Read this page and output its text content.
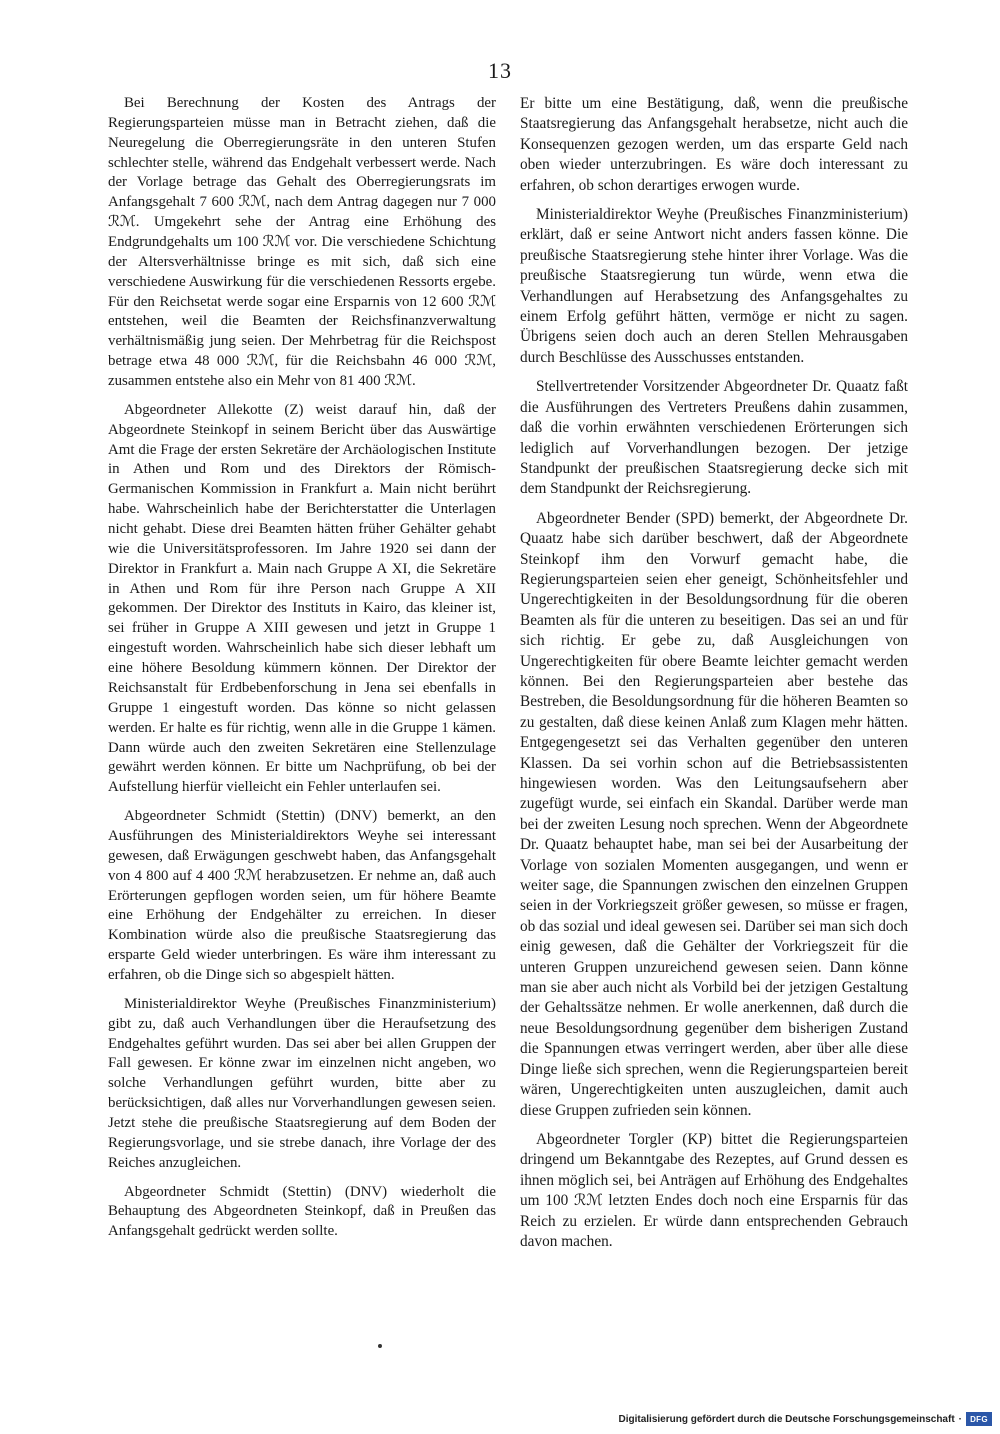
13

Bei Berechnung der Kosten des Antrags der Regierungsparteien müsse man in Betracht ziehen, daß die Neuregelung die Oberregierungsräte in den unteren Stufen schlechter stelle, während das Endgehalt verbessert werde. Nach der Vorlage betrage das Gehalt des Oberregierungsrats im Anfangsgehalt 7 600 ℛℳ, nach dem Antrag dagegen nur 7 000 ℛℳ. Umgekehrt sehe der Antrag eine Erhöhung des Endgrundgehalts um 100 ℛℳ vor. Die verschiedene Schichtung der Altersverhältnisse bringe es mit sich, daß sich eine verschiedene Auswirkung für die verschiedenen Ressorts ergebe. Für den Reichsetat werde sogar eine Ersparnis von 12 600 ℛℳ entstehen, weil die Beamten der Reichsfinanzverwaltung verhältnismäßig jung seien. Der Mehrbetrag für die Reichspost betrage etwa 48 000 ℛℳ, für die Reichsbahn 46 000 ℛℳ, zusammen entstehe also ein Mehr von 81 400 ℛℳ.

Abgeordneter Allekotte (Z) weist darauf hin, daß der Abgeordnete Steinkopf in seinem Bericht über das Auswärtige Amt die Frage der ersten Sekretäre der Archäologischen Institute in Athen und Rom und des Direktors der Römisch-Germanischen Kommission in Frankfurt a. Main nicht berührt habe. Wahrscheinlich habe der Berichterstatter die Unterlagen nicht gehabt. Diese drei Beamten hätten früher Gehälter gehabt wie die Universitätsprofessoren. Im Jahre 1920 sei dann der Direktor in Frankfurt a. Main nach Gruppe A XI, die Sekretäre in Athen und Rom für ihre Person nach Gruppe A XII gekommen. Der Direktor des Instituts in Kairo, das kleiner ist, sei früher in Gruppe A XIII gewesen und jetzt in Gruppe 1 eingestuft worden. Wahrscheinlich habe sich dieser lebhaft um eine höhere Besoldung kümmern können. Der Direktor der Reichsanstalt für Erdbebenforschung in Jena sei ebenfalls in Gruppe 1 eingestuft worden. Das könne so nicht gelassen werden. Er halte es für richtig, wenn alle in die Gruppe 1 kämen. Dann würde auch den zweiten Sekretären eine Stellenzulage gewährt werden können. Er bitte um Nachprüfung, ob bei der Aufstellung hierfür vielleicht ein Fehler unterlaufen sei.

Abgeordneter Schmidt (Stettin) (DNV) bemerkt, an den Ausführungen des Ministerialdirektors Weyhe sei interessant gewesen, daß Erwägungen geschwebt haben, das Anfangsgehalt von 4 800 auf 4 400 ℛℳ herabzusetzen. Er nehme an, daß auch Erörterungen gepflogen worden seien, um für höhere Beamte eine Erhöhung der Endgehälter zu erreichen. In dieser Kombination würde also die preußische Staatsregierung das ersparte Geld wieder unterbringen. Es wäre ihm interessant zu erfahren, ob die Dinge sich so abgespielt hätten.

Ministerialdirektor Weyhe (Preußisches Finanzministerium) gibt zu, daß auch Verhandlungen über die Heraufsetzung des Endgehaltes geführt wurden. Das sei aber bei allen Gruppen der Fall gewesen. Er könne zwar im einzelnen nicht angeben, wo solche Verhandlungen geführt wurden, bitte aber zu berücksichtigen, daß alles nur Vorverhandlungen gewesen seien. Jetzt stehe die preußische Staatsregierung auf dem Boden der Regierungsvorlage, und sie strebe danach, ihre Vorlage der des Reiches anzugleichen.

Abgeordneter Schmidt (Stettin) (DNV) wiederholt die Behauptung des Abgeordneten Steinkopf, daß in Preußen das Anfangsgehalt gedrückt werden sollte.

Er bitte um eine Bestätigung, daß, wenn die preußische Staatsregierung das Anfangsgehalt herabsetze, nicht auch die Konsequenzen gezogen werden, um das ersparte Geld nach oben wieder unterzubringen. Es wäre doch interessant zu erfahren, ob schon derartiges erwogen wurde.

Ministerialdirektor Weyhe (Preußisches Finanzministerium) erklärt, daß er seine Antwort nicht anders fassen könne. Die preußische Staatsregierung stehe hinter ihrer Vorlage. Was die preußische Staatsregierung tun würde, wenn etwa die Verhandlungen auf Herabsetzung des Anfangsgehaltes zu einem Erfolg geführt hätten, vermöge er nicht zu sagen. Übrigens seien doch auch an deren Stellen Mehrausgaben durch Beschlüsse des Ausschusses entstanden.

Stellvertretender Vorsitzender Abgeordneter Dr. Quaatz faßt die Ausführungen des Vertreters Preußens dahin zusammen, daß die vorhin erwähnten verschiedenen Erörterungen sich lediglich auf Vorverhandlungen bezogen. Der jetzige Standpunkt der preußischen Staatsregierung decke sich mit dem Standpunkt der Reichsregierung.

Abgeordneter Bender (SPD) bemerkt, der Abgeordnete Dr. Quaatz habe sich darüber beschwert, daß der Abgeordnete Steinkopf ihm den Vorwurf gemacht habe, die Regierungsparteien seien eher geneigt, Schönheitsfehler und Ungerechtigkeiten in der Besoldungsordnung für die oberen Beamten als für die unteren zu beseitigen. Das sei an und für sich richtig. Er gebe zu, daß Ausgleichungen von Ungerechtigkeiten für obere Beamte leichter gemacht werden können. Bei den Regierungsparteien aber bestehe das Bestreben, die Besoldungsordnung für die höheren Beamten so zu gestalten, daß diese keinen Anlaß zum Klagen mehr hätten. Entgegengesetzt sei das Verhalten gegenüber den unteren Klassen. Da sei vorhin schon auf die Betriebsassistenten hingewiesen worden. Was den Leitungsaufsehern aber zugefügt wurde, sei einfach ein Skandal. Darüber werde man bei der zweiten Lesung noch sprechen. Wenn der Abgeordnete Dr. Quaatz behauptet habe, man sei bei der Ausarbeitung der Vorlage von sozialen Momenten ausgegangen, und wenn er weiter sage, die Spannungen zwischen den einzelnen Gruppen seien in der Vorkriegszeit größer gewesen, so müsse er fragen, ob das sozial und ideal gewesen sei. Darüber sei man sich doch einig gewesen, daß die Gehälter der Vorkriegszeit für die unteren Gruppen unzureichend gewesen seien. Dann könne man sie aber auch nicht als Vorbild bei der jetzigen Gestaltung der Gehaltssätze nehmen. Er wolle anerkennen, daß durch die neue Besoldungsordnung gegenüber dem bisherigen Zustand die Spannungen etwas verringert werden, aber über alle diese Dinge ließe sich sprechen, wenn die Regierungsparteien bereit wären, Ungerechtigkeiten unten auszugleichen, damit auch diese Gruppen zufrieden sein können.

Abgeordneter Torgler (KP) bittet die Regierungsparteien dringend um Bekanntgabe des Rezeptes, auf Grund dessen es ihnen möglich sei, bei Anträgen auf Erhöhung des Endgehaltes um 100 ℛℳ letzten Endes doch noch eine Ersparnis für das Reich zu erzielen. Er würde dann entsprechenden Gebrauch davon machen.

Digitalisierung gefördert durch die Deutsche Forschungsgemeinschaft ·	DFG
